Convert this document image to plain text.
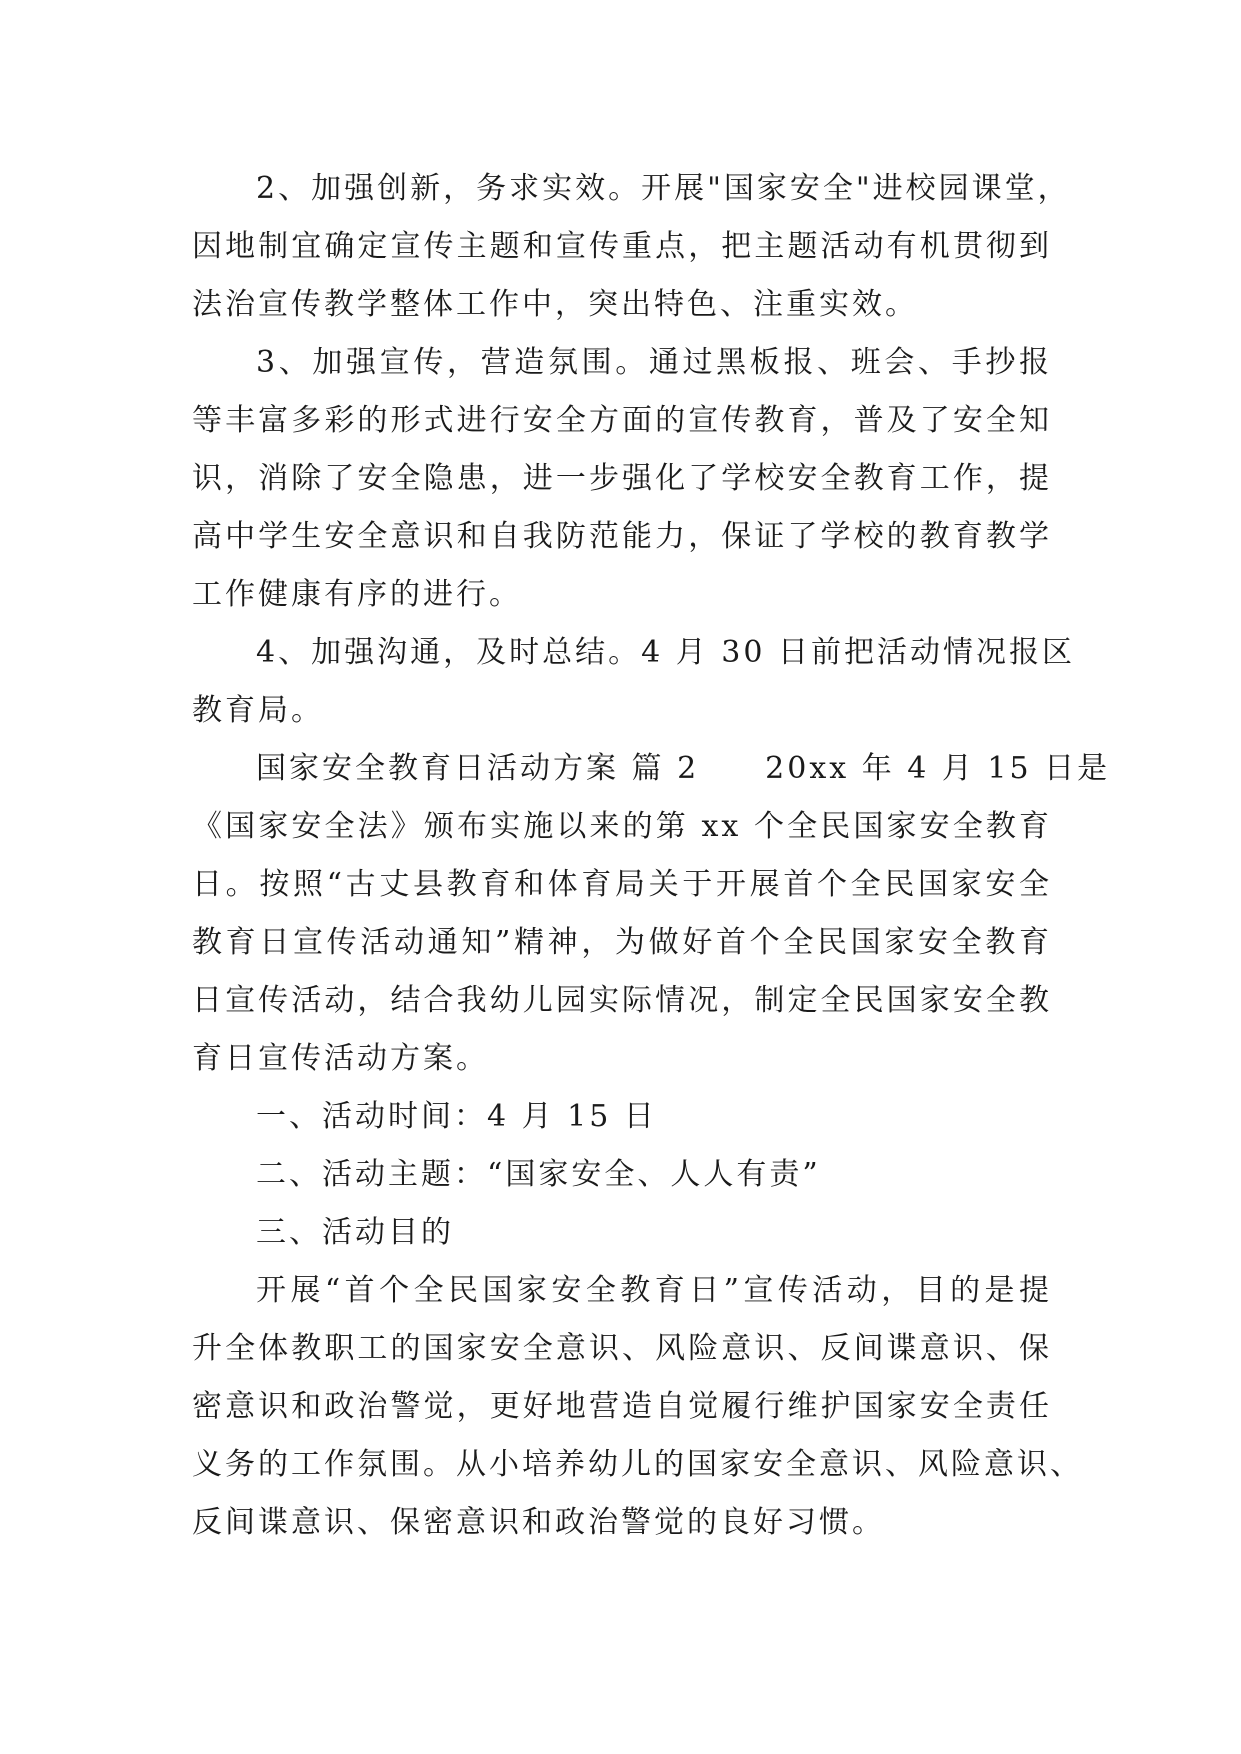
2、加强创新，务求实效。开展"国家安全"进校园课堂，
因地制宜确定宣传主题和宣传重点，把主题活动有机贯彻到
法治宣传教学整体工作中，突出特色、注重实效。
3、加强宣传，营造氛围。通过黑板报、班会、手抄报
等丰富多彩的形式进行安全方面的宣传教育，普及了安全知
识，消除了安全隐患，进一步强化了学校安全教育工作，提
高中学生安全意识和自我防范能力，保证了学校的教育教学
工作健康有序的进行。
4、加强沟通，及时总结。4 月 30 日前把活动情况报区
教育局。
国家安全教育日活动方案 篇 2　　20xx 年 4 月 15 日是
《国家安全法》颁布实施以来的第 xx 个全民国家安全教育
日。按照“古丈县教育和体育局关于开展首个全民国家安全
教育日宣传活动通知”精神，为做好首个全民国家安全教育
日宣传活动，结合我幼儿园实际情况，制定全民国家安全教
育日宣传活动方案。
一、活动时间：4 月 15 日
二、活动主题：“国家安全、人人有责”
三、活动目的
开展“首个全民国家安全教育日”宣传活动，目的是提
升全体教职工的国家安全意识、风险意识、反间谍意识、保
密意识和政治警觉，更好地营造自觉履行维护国家安全责任
义务的工作氛围。从小培养幼儿的国家安全意识、风险意识、
反间谍意识、保密意识和政治警觉的良好习惯。
